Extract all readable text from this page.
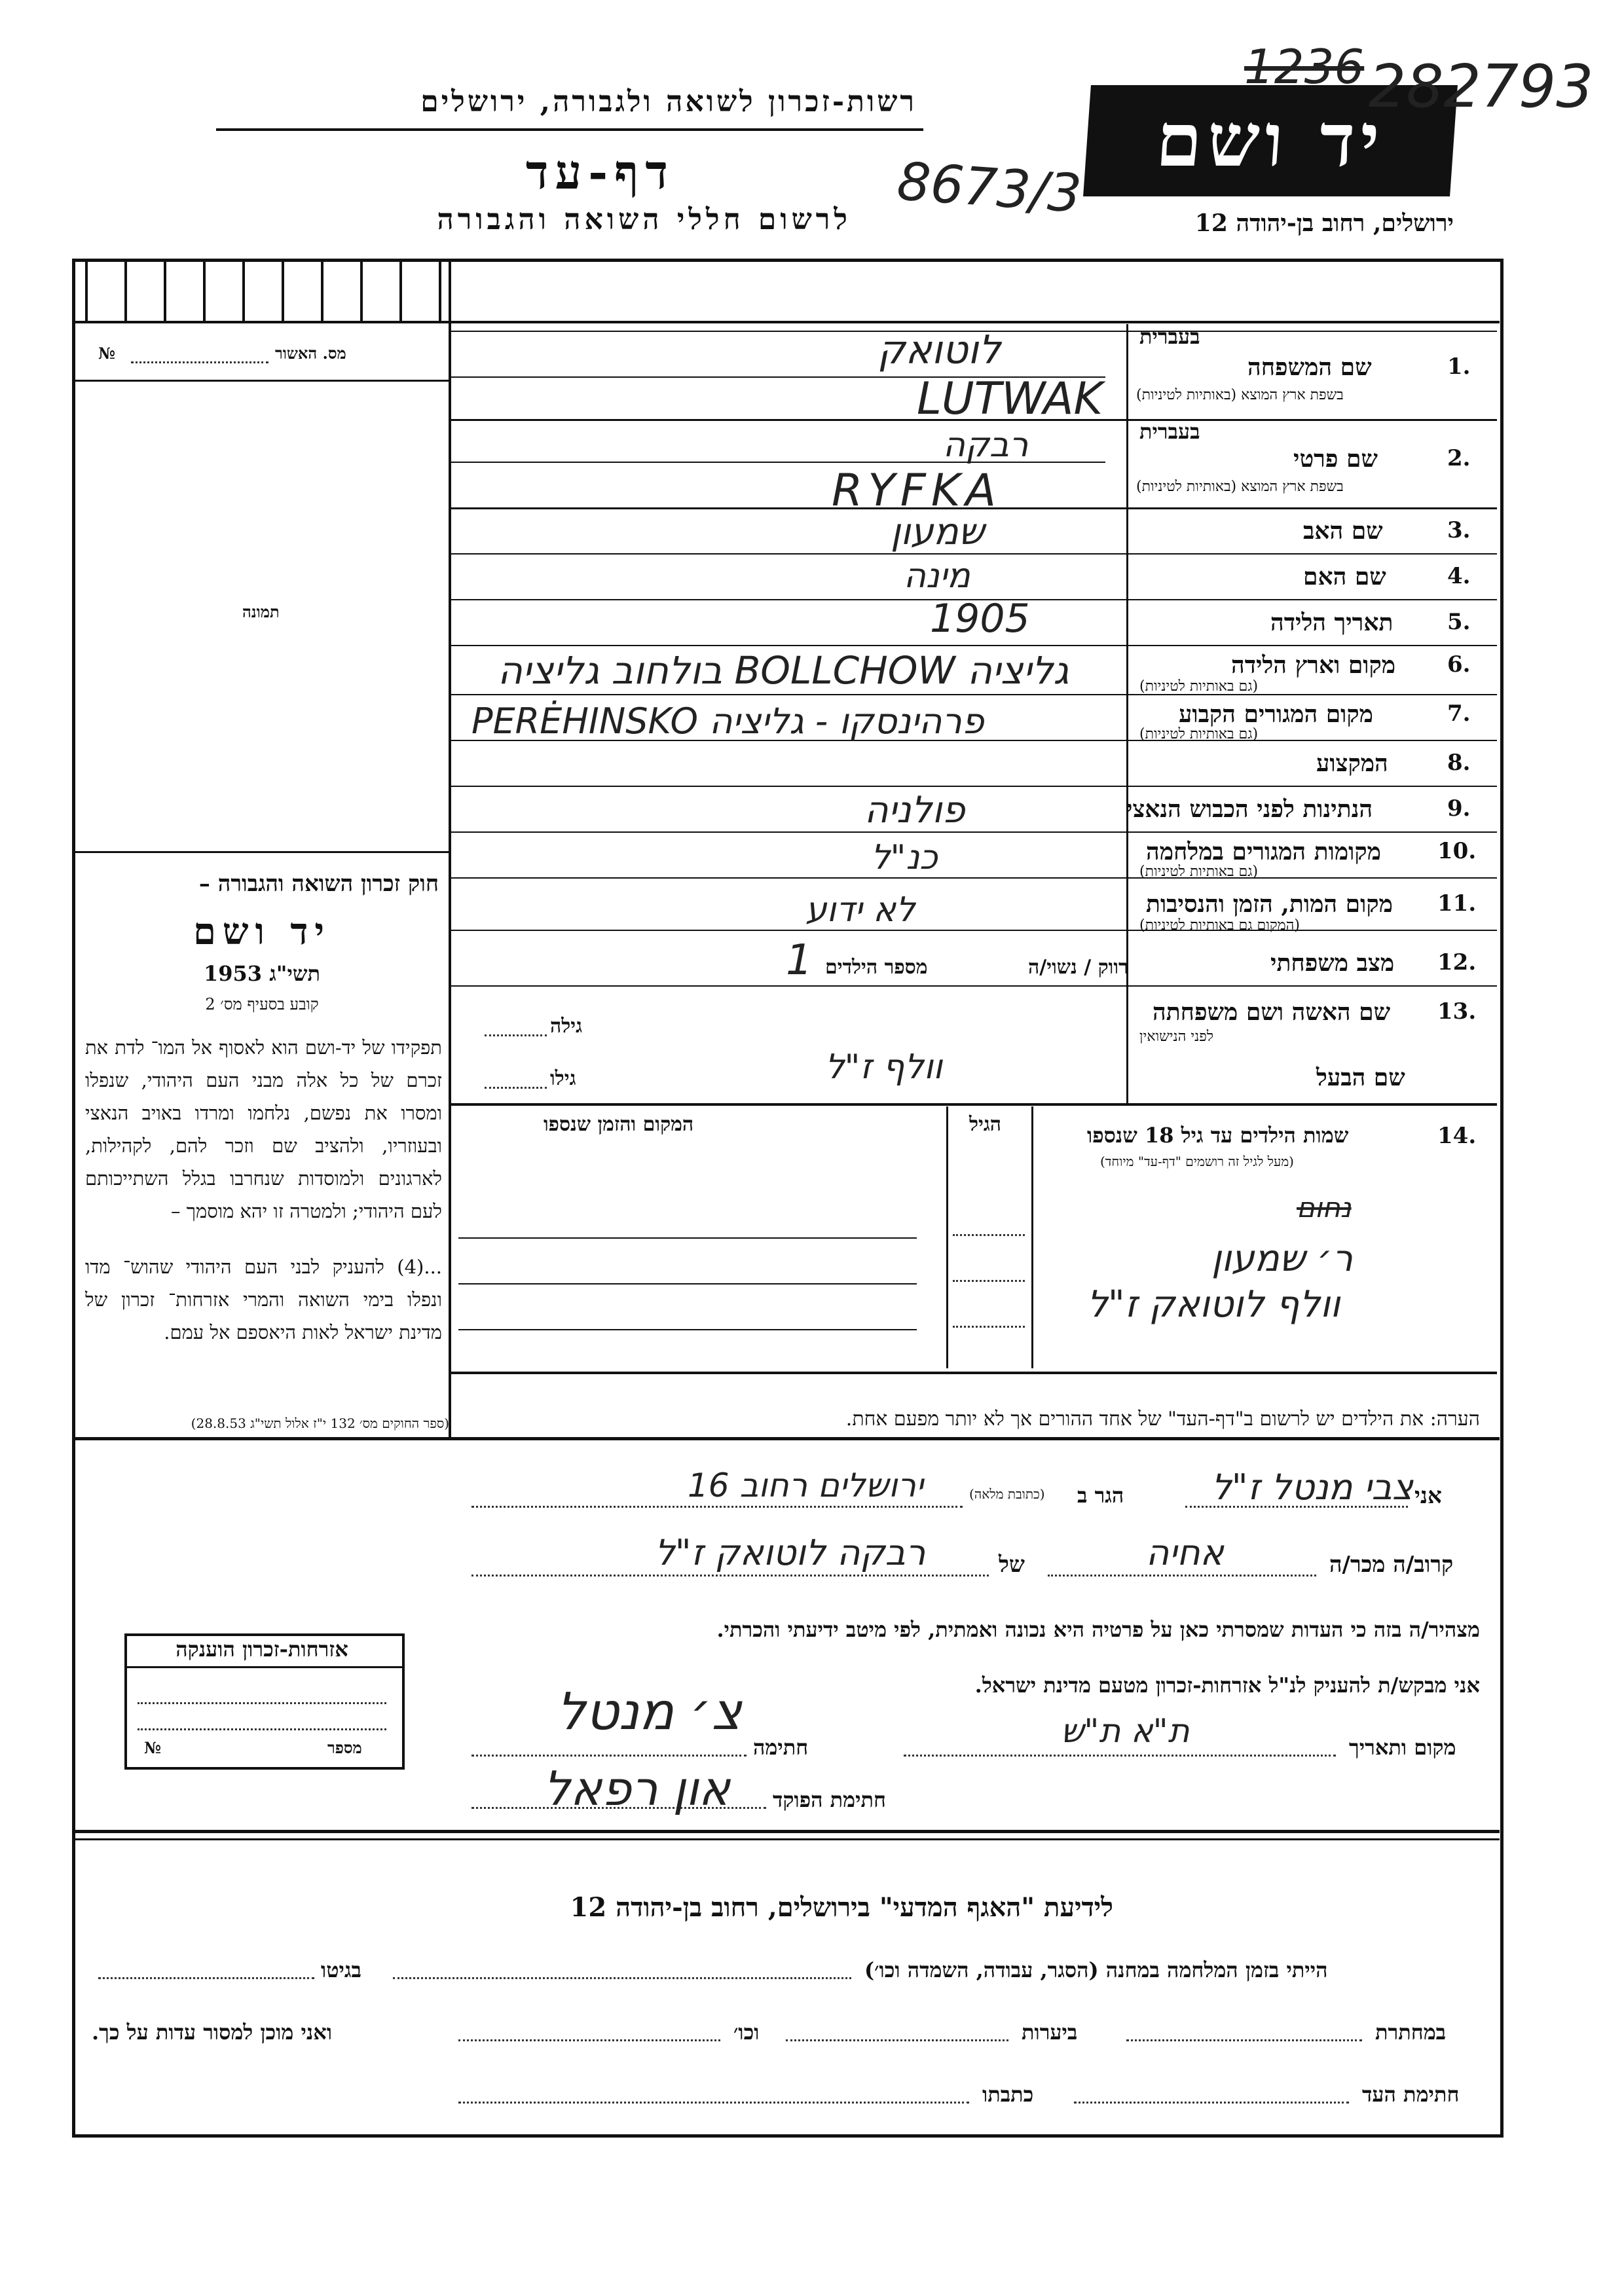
רשות-זכרון לשואה ולגבורה, ירושלים
דף-עד
לרשום חללי השואה והגבורה 8673/3
יד ושם
ירושלים, רחוב בן-יהודה 12
1236 282793
מס. האשור
№
תמונה
חוק זכרון השואה והגבורה –
יד ושם
תשי"ג 1953
קובע בסעיף מס׳ 2
תפקידו של יד-ושם הוא לאסוף אל המו־ לדת את זכרם של כל אלה מבני העם היהודי, שנפלו ומסרו את נפשם, נלחמו ומרדו באויב הנאצי ובעוזריו, ולהציב שם וזכר להם, לקהילות, לארגונים ולמוסדות שנחרבו בגלל השתייכותם לעם היהודי; ולמטרה זו יהא מוסמך –
...(4) להעניק לבני העם היהודי שהוש־ מדו ונפלו בימי השואה והמרי אזרחות־ זכרון של מדינת ישראל לאות היאספם אל עמם.
(ספר החוקים מס׳ 132 י"ז אלול תשי"ג 28.8.53)
בעברית
1.
שם המשפחה
בשפת ארץ המוצא (באותיות לטיניות)
לוטואק
LUTWAK
בעברית
2.
שם פרטי
בשפת ארץ המוצא (באותיות לטיניות)
רבקה
RYFKA
3.
שם האב
שמעון
4.
שם האם
מינה
5.
תאריך הלידה
1905
6.
מקום וארץ הלידה
(גם באותיות לטיניות)
בולחוב גליציה BOLLCHOW גליציה
7.
מקום המגורים הקבוע
(גם באותיות לטיניות)
PERĖHINSKO פרהינסקו - גליציה
8.
המקצוע
9.
הנתינות לפני הכבוש הנאצי
פולניה
10.
מקומות המגורים במלחמה
(גם באותיות לטיניות)
כנ"ל
11.
מקום המות, הזמן והנסיבות
(המקום גם באותיות לטיניות)
לא ידוע
12.
מצב משפחתי
רווק / נשוי/ה
מספר הילדים
1
13.
שם האשה ושם משפחתה
לפני הנישואין
גילה
שם הבעל
וולף ז"ל
גילו
14.
שמות הילדים עד גיל 18 שנספו
(מעל לגיל זה רושמים "דף-עד" מיוחד)
הגיל
המקום והזמן שנספו
נחום
ר׳ שמעון
וולף לוטואק ז"ל
הערה: את הילדים יש לרשום ב"דף-העד" של אחד ההורים אך לא יותר מפעם אחת.
אני
צבי מנטל ז"ל
הגר ב
(כתובת מלאה)
ירושלים רחוב 16
קרוב/ה מכר/ה
אחיה
של
רבקה לוטואק ז"ל
מצהיר/ה בזה כי העדות שמסרתי כאן על פרטיה היא נכונה ואמתית, לפי מיטב ידיעתי והכרתי.
אני מבקש/ת להעניק לנ"ל אזרחות-זכרון מטעם מדינת ישראל.
מקום ותאריך
ת"א ת"ש
חתימה
צ׳ מנטל
חתימת הפוקד
און רפאל
אזרחות-זכרון הוענקה
מספר
№
לידיעת "האגף המדעי" בירושלים, רחוב בן-יהודה 12
הייתי בזמן המלחמה במחנה (הסגר, עבודה, השמדה וכו׳)
בגיטו
במחתרת
ביערות
וכו׳
ואני מוכן למסור עדות על כך.
חתימת העד
כתבתו
